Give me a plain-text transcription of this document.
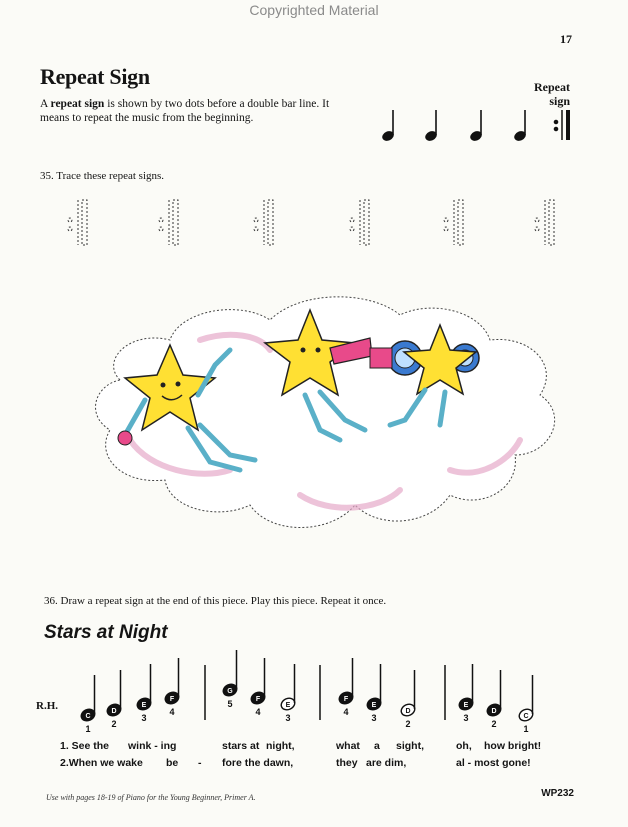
Copyrighted Material
17
Repeat Sign
A repeat sign is shown by two dots before a double bar line. It means to repeat the music from the beginning.
Repeat
sign
35. Trace these repeat signs.
C
1
D
2
E
3
F
4
G
5	F
4
E
3
F
4
E
3
D
2
E
3
D
2
C
1
36. Draw a repeat sign at the end of this piece. Play this piece. Repeat it once.
Stars at Night
R.H.
1. See the wink - ing	stars at night,	what a sight,	oh, how bright!
2.When we wake be - fore the dawn,	they are dim,	al - most gone!
Use with pages 18-19 of Piano for the Young Beginner, Primer A.	WP232
